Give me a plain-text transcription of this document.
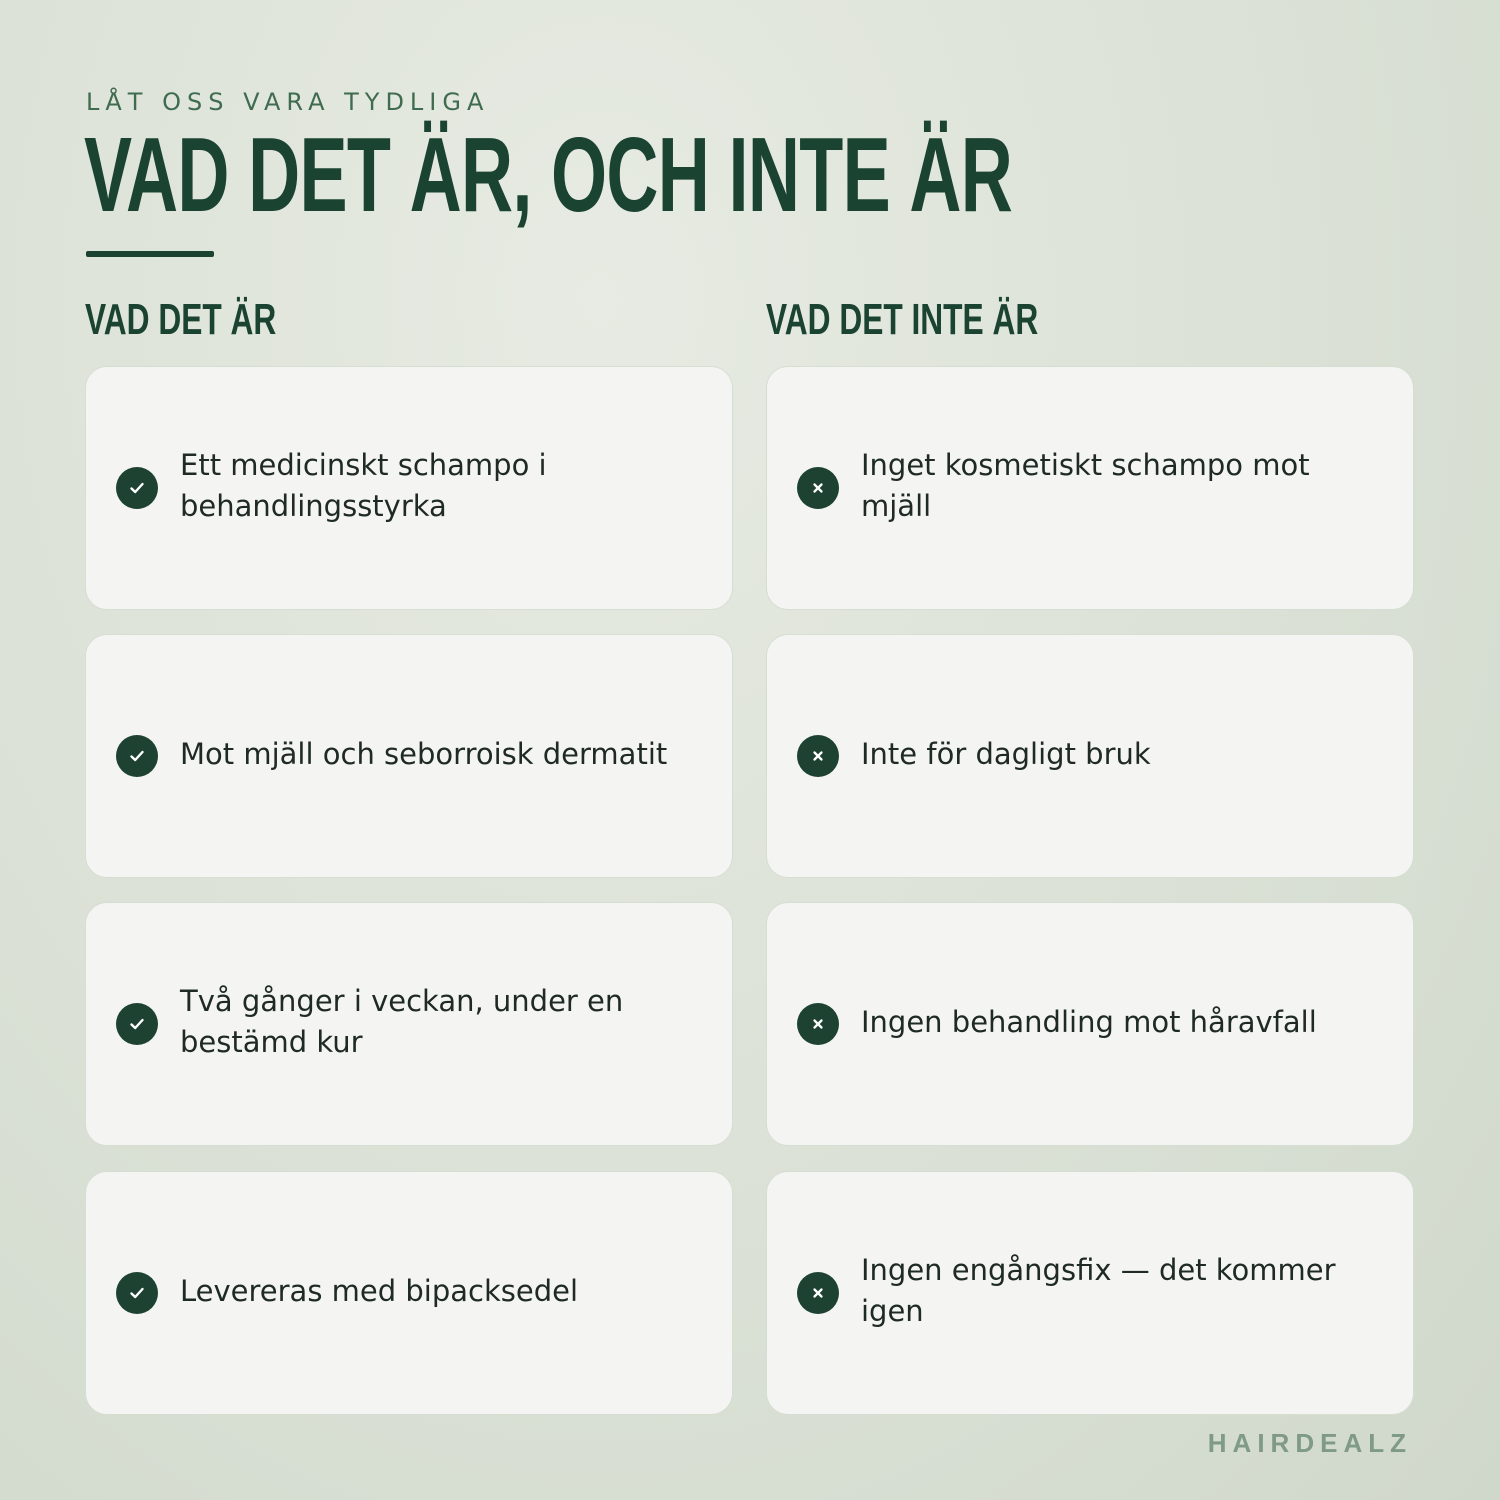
LÅT OSS VARA TYDLIGA
VAD DET ÄR, OCH INTE ÄR
VAD DET ÄR	VAD DET INTE ÄR
Ett medicinskt schampo i behandlingsstyrka
Mot mjäll och seborroisk dermatit
Två gånger i veckan, under en bestämd kur
Levereras med bipacksedel
Inget kosmetiskt schampo mot mjäll
Inte för dagligt bruk
Ingen behandling mot håravfall
Ingen engångsfix — det kommer igen
HAIRDEALZ
